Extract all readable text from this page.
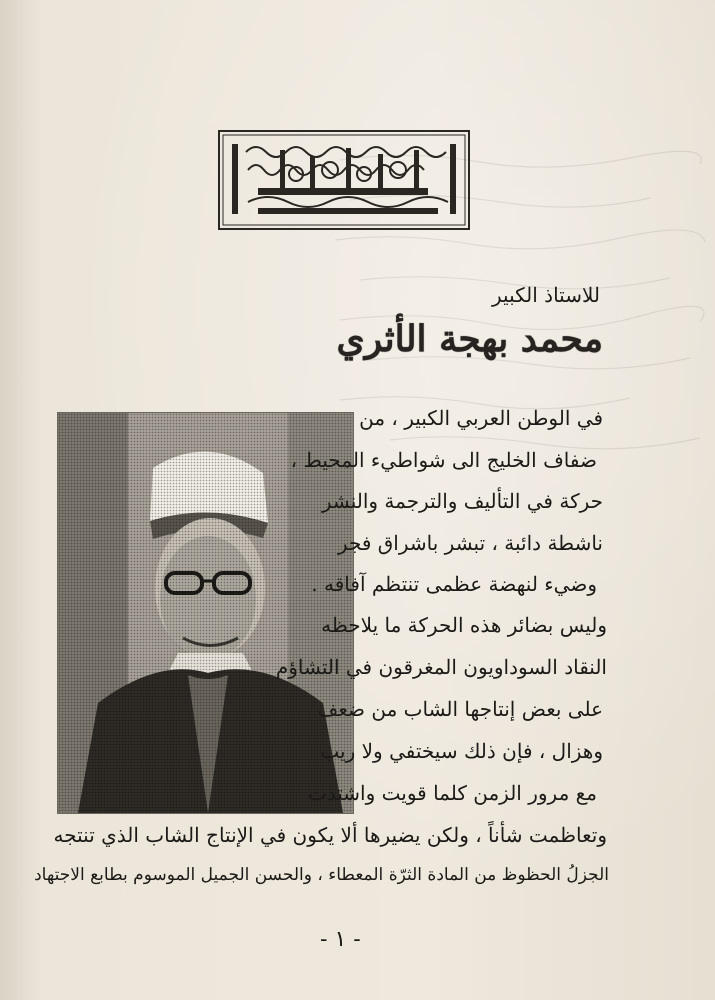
للاستاذ الكبير
محمد بهجة الأثري
في الوطن العربي الكبير ، من
ضفاف الخليج الى شواطيء المحيط ،
حركة في التأليف والترجمة والنشر
ناشطة دائبة ، تبشر باشراق فجر
وضيء لنهضة عظمى تنتظم آفاقه .
وليس بضائر هذه الحركة ما يلاحظه
النقاد السوداويون المغرقون في التشاؤم
على بعض إنتاجها الشاب من ضعف
وهزال ، فإن ذلك سيختفي ولا ريب
مع مرور الزمن كلما قويت واشتدت
وتعاظمت شأناً ، ولكن يضيرها ألا يكون في الإنتاج الشاب الذي تنتجه
الجزلُ الحظوظ من المادة الثرّة المعطاء ، والحسن الجميل الموسوم بطابع الاجتهاد
- ١ -
